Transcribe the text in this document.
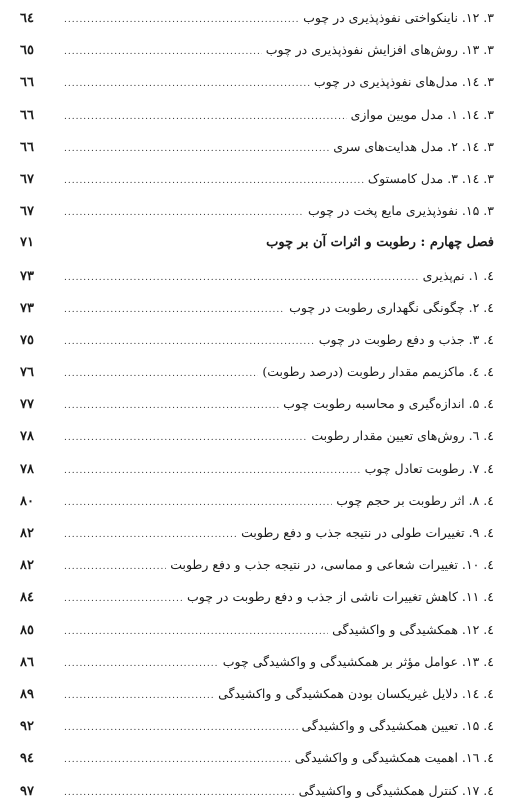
۳. ۱۲. ناینکواختی نفوذپذیری در چوب
.....
٦٤
۳. ۱۳. روش‌های افزایش نفوذپذیری در چوب
.....
٦٥
۳. ۱٤. مدل‌های نفوذپذیری در چوب
.....
٦٦
۳. ۱٤. ۱. مدل مویین موازی
.....
٦٦
۳. ۱٤. ۲. مدل هدایت‌های سری
.....
٦٦
۳. ۱٤. ۳. مدل کامستوک
.....
٦٧
۳. ۱۵. نفوذپذیری مایع پخت در چوب
.....
٦٧
فصل چهارم : رطوبت و اثرات آن بر چوب
٧١
٤. ۱. نم‌پذیری
.....
٧٣
٤. ۲. چگونگی نگهداری رطوبت در چوب
.....
٧٣
٤. ۳. جذب و دفع رطوبت در چوب
.....
٧٥
٤. ٤. ماکزیمم مقدار رطوبت (درصد رطوبت)
.....
٧٦
٤. ۵. اندازه‌گیری و محاسبه رطوبت چوب
.....
٧٧
٤. ٦. روش‌های تعیین مقدار رطوبت
.....
٧٨
٤. ۷. رطوبت تعادل چوب
.....
٧٨
٤. ۸. اثر رطوبت بر حجم چوب
.....
٨٠
٤. ۹. تغییرات طولی در نتیجه جذب و دفع رطوبت
.....
٨٢
٤. ۱۰. تغییرات شعاعی و مماسی، در نتیجه جذب و دفع رطوبت
.....
٨٢
٤. ۱۱. کاهش تغییرات ناشی از جذب و دفع رطوبت در چوب
.....
٨٤
٤. ۱۲. همکشیدگی و واکشیدگی
.....
٨٥
٤. ۱۳. عوامل مؤثر بر همکشیدگی و واکشیدگی چوب
.....
٨٦
٤. ۱٤. دلایل غیریکسان بودن همکشیدگی و واکشیدگی
.....
٨٩
٤. ۱۵. تعیین همکشیدگی و واکشیدگی
.....
٩٢
٤. ۱٦. اهمیت همکشیدگی و واکشیدگی
.....
٩٤
٤. ۱۷. کنترل همکشیدگی و واکشیدگی
.....
٩٧
